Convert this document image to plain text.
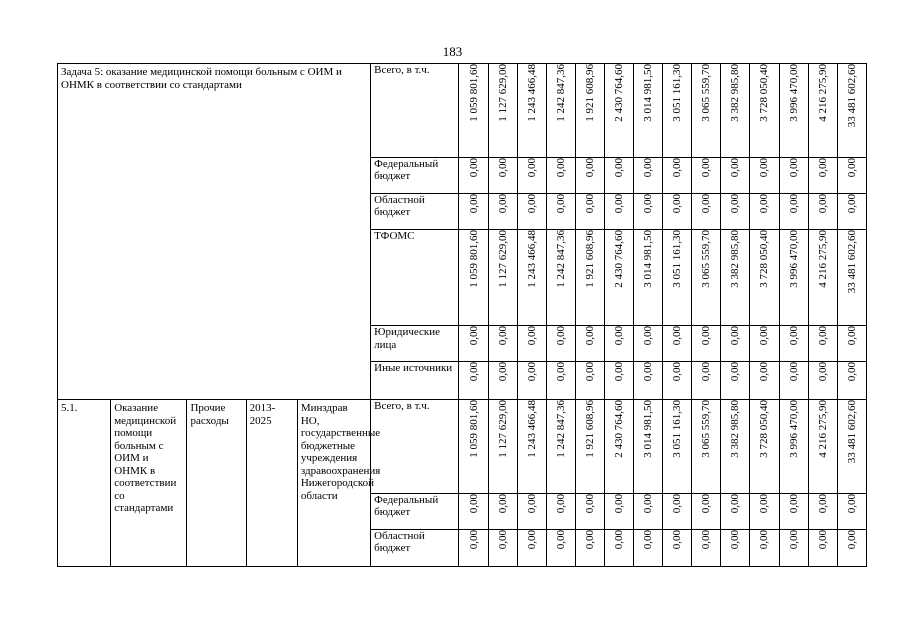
183
Задача 5: оказание медицинской помощи больным с ОИМ и ОНМК в соответствии со стандартами					Всего, в т.ч.	1 059 801,60	1 127 629,00	1 243 466,48	1 242 847,36	1 921 608,96	2 430 764,60	3 014 981,50	3 051 161,30	3 065 559,70	3 382 985,80	3 728 050,40	3 996 470,00	4 216 275,90	33 481 602,60

					Федеральный бюджет	0,00	0,00	0,00	0,00	0,00	0,00	0,00	0,00	0,00	0,00	0,00	0,00	0,00	0,00

					Областной бюджет	0,00	0,00	0,00	0,00	0,00	0,00	0,00	0,00	0,00	0,00	0,00	0,00	0,00	0,00

					ТФОМС	1 059 801,60	1 127 629,00	1 243 466,48	1 242 847,36	1 921 608,96	2 430 764,60	3 014 981,50	3 051 161,30	3 065 559,70	3 382 985,80	3 728 050,40	3 996 470,00	4 216 275,90	33 481 602,60

					Юридические лица	0,00	0,00	0,00	0,00	0,00	0,00	0,00	0,00	0,00	0,00	0,00	0,00	0,00	0,00

					Иные источники	0,00	0,00	0,00	0,00	0,00	0,00	0,00	0,00	0,00	0,00	0,00	0,00	0,00	0,00

5.1.	Оказание медицинской помощи больным с ОИМ и ОНМК в соответствии со стандартами	Прочие расходы	2013-2025	Минздрав НО, государственные бюджетные учреждения здравоохранения Нижегородской области	Всего, в т.ч.	1 059 801,60	1 127 629,00	1 243 466,48	1 242 847,36	1 921 608,96	2 430 764,60	3 014 981,50	3 051 161,30	3 065 559,70	3 382 985,80	3 728 050,40	3 996 470,00	4 216 275,90	33 481 602,60

					Федеральный бюджет	0,00	0,00	0,00	0,00	0,00	0,00	0,00	0,00	0,00	0,00	0,00	0,00	0,00	0,00

					Областной бюджет	0,00	0,00	0,00	0,00	0,00	0,00	0,00	0,00	0,00	0,00	0,00	0,00	0,00	0,00
